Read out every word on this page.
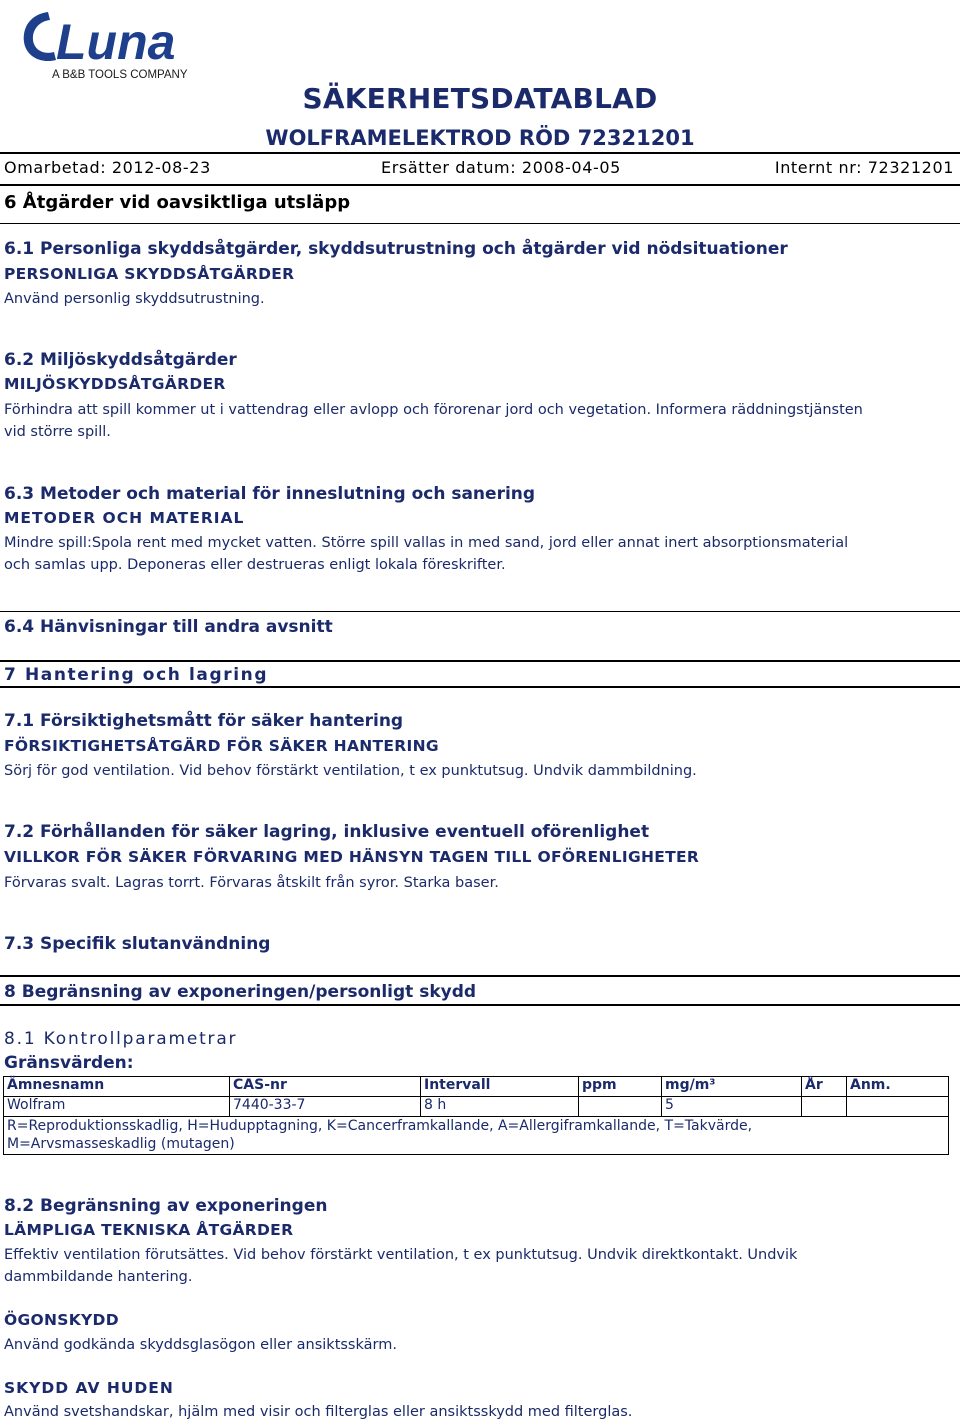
Luna
A B&B TOOLS COMPANY
SÄKERHETSDATABLAD
WOLFRAMELEKTROD RÖD 72321201
Omarbetad: 2012-08-23	Ersätter datum: 2008-04-05	Internt nr: 72321201
6 Åtgärder vid oavsiktliga utsläpp
6.1 Personliga skyddsåtgärder, skyddsutrustning och åtgärder vid nödsituationer
PERSONLIGA SKYDDSÅTGÄRDER
Använd personlig skyddsutrustning.
6.2 Miljöskyddsåtgärder
MILJÖSKYDDSÅTGÄRDER
Förhindra att spill kommer ut i vattendrag eller avlopp och förorenar jord och vegetation. Informera räddningstjänsten
vid större spill.
6.3 Metoder och material för inneslutning och sanering
METODER OCH MATERIAL
Mindre spill:Spola rent med mycket vatten. Större spill vallas in med sand, jord eller annat inert absorptionsmaterial
och samlas upp. Deponeras eller destrueras enligt lokala föreskrifter.
6.4 Hänvisningar till andra avsnitt
7 Hantering och lagring
7.1 Försiktighetsmått för säker hantering
FÖRSIKTIGHETSÅTGÄRD FÖR SÄKER HANTERING
Sörj för god ventilation. Vid behov förstärkt ventilation, t ex punktutsug. Undvik dammbildning.
7.2 Förhållanden för säker lagring, inklusive eventuell oförenlighet
VILLKOR FÖR SÄKER FÖRVARING MED HÄNSYN TAGEN TILL OFÖRENLIGHETER
Förvaras svalt. Lagras torrt. Förvaras åtskilt från syror. Starka baser.
7.3 Specifik slutanvändning
8 Begränsning av exponeringen/personligt skydd
8.1 Kontrollparametrar
Gränsvärden:
Ämnesnamn	CAS-nr	Intervall	ppm	mg/m³	År	Anm.
Wolfram	7440-33-7	8 h		5		

R=Reproduktionsskadlig, H=Hudupptagning, K=Cancerframkallande, A=Allergiframkallande, T=Takvärde,
M=Arvsmasseskadlig (mutagen)						
8.2 Begränsning av exponeringen
LÄMPLIGA TEKNISKA ÅTGÄRDER
Effektiv ventilation förutsättes. Vid behov förstärkt ventilation, t ex punktutsug. Undvik direktkontakt. Undvik
dammbildande hantering.
ÖGONSKYDD
Använd godkända skyddsglasögon eller ansiktsskärm.
SKYDD AV HUDEN
Använd svetshandskar, hjälm med visir och filterglas eller ansiktsskydd med filterglas.
